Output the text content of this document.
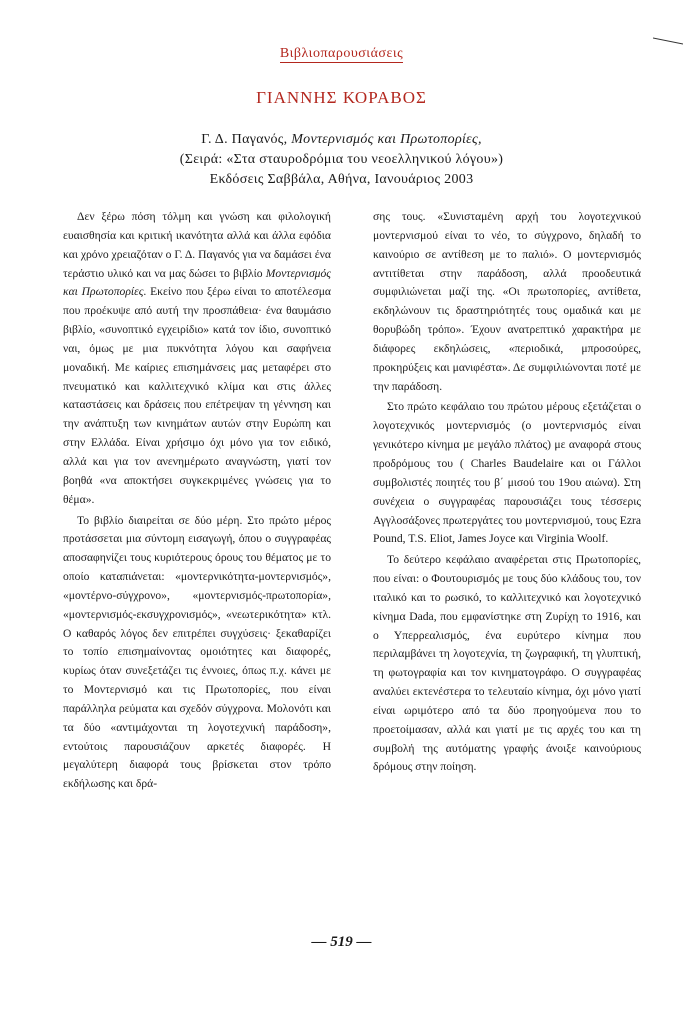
Βιβλιοπαρουσιάσεις
ΓΙΑΝΝΗΣ ΚΟΡΑΒΟΣ
Γ. Δ. Παγανός, Μοντερνισμός και Πρωτοπορίες,
(Σειρά: «Στα σταυροδρόμια του νεοελληνικού λόγου»)
Εκδόσεις Σαββάλα, Αθήνα, Ιανουάριος 2003

Δεν ξέρω πόση τόλμη και γνώση και φιλολογική ευαισθησία και κριτική ικανότητα αλλά και άλλα εφόδια και χρόνο χρειαζόταν ο Γ. Δ. Παγανός για να δαμάσει ένα τεράστιο υλικό και να μας δώσει το βιβλίο Μοντερνισμός και Πρωτοπορίες. Εκείνο που ξέρω είναι το αποτέλεσμα που προέκυψε από αυτή την προσπάθεια· ένα θαυμάσιο βιβλίο, «συνοπτικό εγχειρίδιο» κατά τον ίδιο, συνοπτικό ναι, όμως με μια πυκνότητα λόγου και σαφήνεια μοναδική. Με καίριες επισημάνσεις μας μεταφέρει στο πνευματικό και καλλιτεχνικό κλίμα και στις άλλες καταστάσεις και δράσεις που επέτρεψαν τη γέννηση και την ανάπτυξη των κινημάτων αυτών στην Ευρώπη και στην Ελλάδα. Είναι χρήσιμο όχι μόνο για τον ειδικό, αλλά και για τον ανενημέρωτο αναγνώστη, γιατί τον βοηθά «να αποκτήσει συγκεκριμένες γνώσεις για το θέμα».

Το βιβλίο διαιρείται σε δύο μέρη. Στο πρώτο μέρος προτάσσεται μια σύντομη εισαγωγή, όπου ο συγγραφέας αποσαφηνίζει τους κυριότερους όρους του θέματος με το οποίο καταπιάνεται: «μοντερνικότητα-μοντερνισμός», «μοντέρνο-σύγχρονο», «μοντερνισμός-πρωτοπορία», «μοντερνισμός-εκσυγχρονισμός», «νεωτερικότητα» κτλ. Ο καθαρός λόγος δεν επιτρέπει συγχύσεις· ξεκαθαρίζει το τοπίο επισημαίνοντας ομοιότητες και διαφορές, κυρίως όταν συνεξετάζει τις έννοιες, όπως π.χ. κάνει με το Μοντερνισμό και τις Πρωτοπορίες, που είναι παράλληλα ρεύματα και σχεδόν σύγχρονα. Μολονότι και τα δύο «αντιμάχονται τη λογοτεχνική παράδοση», εντούτοις παρουσιάζουν αρκετές διαφορές. Η μεγαλύτερη διαφορά τους βρίσκεται στον τρόπο εκδήλωσης και δρά-

σης τους. «Συνισταμένη αρχή του λογοτεχνικού μοντερνισμού είναι το νέο, το σύγχρονο, δηλαδή το καινούριο σε αντίθεση με το παλιό». Ο μοντερνισμός αντιτίθεται στην παράδοση, αλλά προοδευτικά συμφιλιώνεται μαζί της. «Οι πρωτοπορίες, αντίθετα, εκδηλώνουν τις δραστηριότητές τους ομαδικά και με θορυβώδη τρόπο». Έχουν ανατρεπτικό χαρακτήρα με διάφορες εκδηλώσεις, «περιοδικά, μπροσούρες, προκηρύξεις και μανιφέστα». Δε συμφιλιώνονται ποτέ με την παράδοση.

Στο πρώτο κεφάλαιο του πρώτου μέρους εξετάζεται ο λογοτεχνικός μοντερνισμός (ο μοντερνισμός είναι γενικότερο κίνημα με μεγάλο πλάτος) με αναφορά στους προδρόμους του ( Charles Baudelaire και οι Γάλλοι συμβολιστές ποιητές του β΄ μισού του 19ου αιώνα). Στη συνέχεια ο συγγραφέας παρουσιάζει τους τέσσερις Αγγλοσάξονες πρωτεργάτες του μοντερνισμού, τους Ezra Pound, T.S. Eliot, James Joyce και Virginia Woolf.

Το δεύτερο κεφάλαιο αναφέρεται στις Πρωτοπορίες, που είναι: ο Φουτουρισμός με τους δύο κλάδους του, τον ιταλικό και το ρωσικό, το καλλιτεχνικό και λογοτεχνικό κίνημα Dada, που εμφανίστηκε στη Ζυρίχη το 1916, και ο Υπερρεαλισμός, ένα ευρύτερο κίνημα που περιλαμβάνει τη λογοτεχνία, τη ζωγραφική, τη γλυπτική, τη φωτογραφία και τον κινηματογράφο. Ο συγγραφέας αναλύει εκτενέστερα το τελευταίο κίνημα, όχι μόνο γιατί είναι ωριμότερο από τα δύο προηγούμενα που το προετοίμασαν, αλλά και γιατί με τις αρχές του και τη συμβολή της αυτόματης γραφής άνοιξε καινούριους δρόμους στην ποίηση.

— 519 —
